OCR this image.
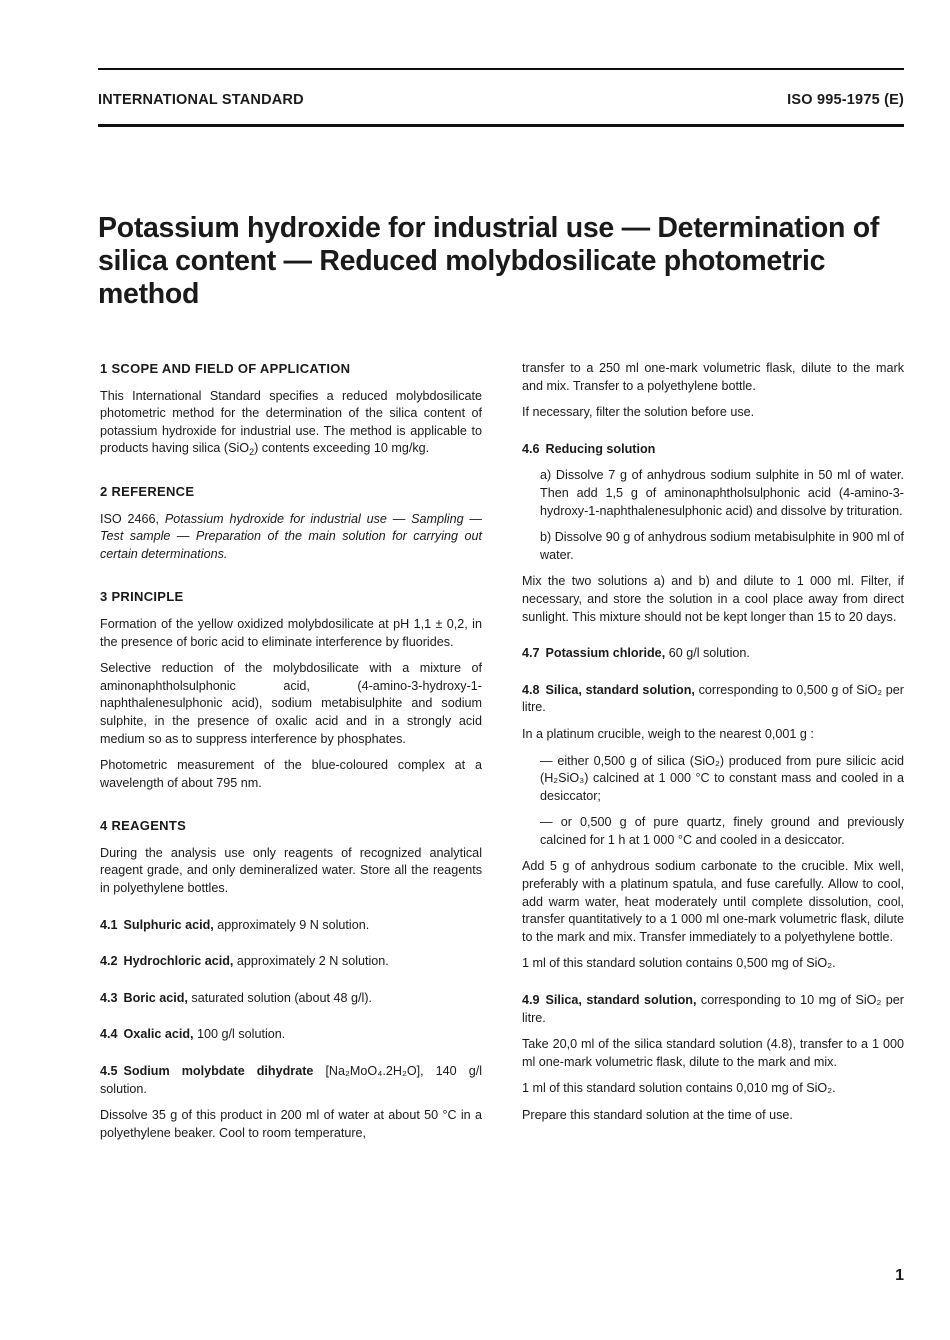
INTERNATIONAL STANDARD	ISO 995-1975 (E)
Potassium hydroxide for industrial use — Determination of silica content — Reduced molybdosilicate photometric method
1 SCOPE AND FIELD OF APPLICATION

This International Standard specifies a reduced molybdosilicate photometric method for the determination of the silica content of potassium hydroxide for industrial use. The method is applicable to products having silica (SiO$_2$) contents exceeding 10 mg/kg.

2 REFERENCE

ISO 2466, Potassium hydroxide for industrial use — Sampling — Test sample — Preparation of the main solution for carrying out certain determinations.

3 PRINCIPLE

Formation of the yellow oxidized molybdosilicate at pH 1,1 ± 0,2, in the presence of boric acid to eliminate interference by fluorides.

Selective reduction of the molybdosilicate with a mixture of aminonaphtholsulphonic acid, (4-amino-3-hydroxy-1-naphthalenesulphonic acid), sodium metabisulphite and sodium sulphite, in the presence of oxalic acid and in a strongly acid medium so as to suppress interference by phosphates.

Photometric measurement of the blue-coloured complex at a wavelength of about 795 nm.

4 REAGENTS

During the analysis use only reagents of recognized analytical reagent grade, and only demineralized water. Store all the reagents in polyethylene bottles.

4.1 Sulphuric acid, approximately 9 N solution.

4.2 Hydrochloric acid, approximately 2 N solution.

4.3 Boric acid, saturated solution (about 48 g/l).

4.4 Oxalic acid, 100 g/l solution.

4.5 Sodium molybdate dihydrate [Na₂MoO₄.2H₂O], 140 g/l solution.

Dissolve 35 g of this product in 200 ml of water at about 50 °C in a polyethylene beaker. Cool to room temperature,

transfer to a 250 ml one-mark volumetric flask, dilute to the mark and mix. Transfer to a polyethylene bottle.

If necessary, filter the solution before use.

4.6 Reducing solution

a) Dissolve 7 g of anhydrous sodium sulphite in 50 ml of water. Then add 1,5 g of aminonaphtholsulphonic acid (4-amino-3-hydroxy-1-naphthalenesulphonic acid) and dissolve by trituration.

b) Dissolve 90 g of anhydrous sodium metabisulphite in 900 ml of water.

Mix the two solutions a) and b) and dilute to 1 000 ml. Filter, if necessary, and store the solution in a cool place away from direct sunlight. This mixture should not be kept longer than 15 to 20 days.

4.7 Potassium chloride, 60 g/l solution.

4.8 Silica, standard solution, corresponding to 0,500 g of SiO₂ per litre.

In a platinum crucible, weigh to the nearest 0,001 g :

— either 0,500 g of silica (SiO₂) produced from pure silicic acid (H₂SiO₃) calcined at 1 000 °C to constant mass and cooled in a desiccator;

— or 0,500 g of pure quartz, finely ground and previously calcined for 1 h at 1 000 °C and cooled in a desiccator.

Add 5 g of anhydrous sodium carbonate to the crucible. Mix well, preferably with a platinum spatula, and fuse carefully. Allow to cool, add warm water, heat moderately until complete dissolution, cool, transfer quantitatively to a 1 000 ml one-mark volumetric flask, dilute to the mark and mix. Transfer immediately to a polyethylene bottle.

1 ml of this standard solution contains 0,500 mg of SiO₂.

4.9 Silica, standard solution, corresponding to 10 mg of SiO₂ per litre.

Take 20,0 ml of the silica standard solution (4.8), transfer to a 1 000 ml one-mark volumetric flask, dilute to the mark and mix.

1 ml of this standard solution contains 0,010 mg of SiO₂.

Prepare this standard solution at the time of use.

1
